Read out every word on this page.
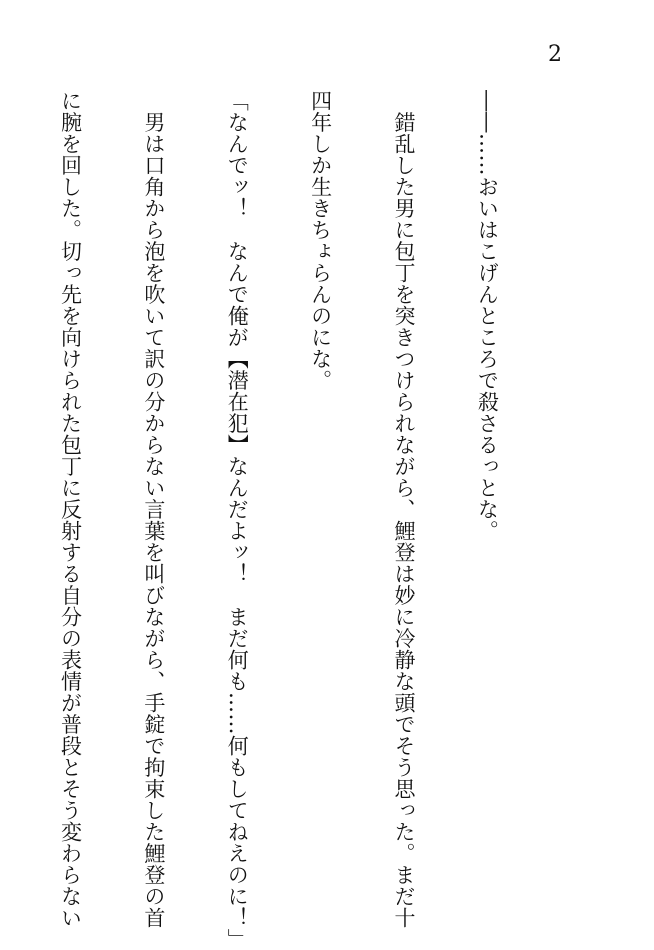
2

――……おいはこげんところで殺さるっとな。

　錯乱した男に包丁を突きつけられながら、鯉登は妙に冷静な頭でそう思った。まだ十

四年しか生きちょらんのにな。

「なんでッ！　なんで俺が【潜在犯】なんだよッ！　まだ何も……何もしてねえのに！」

　男は口角から泡を吹いて訳の分からない言葉を叫びながら、手錠で拘束した鯉登の首

に腕を回した。切っ先を向けられた包丁に反射する自分の表情が普段とそう変わらない
